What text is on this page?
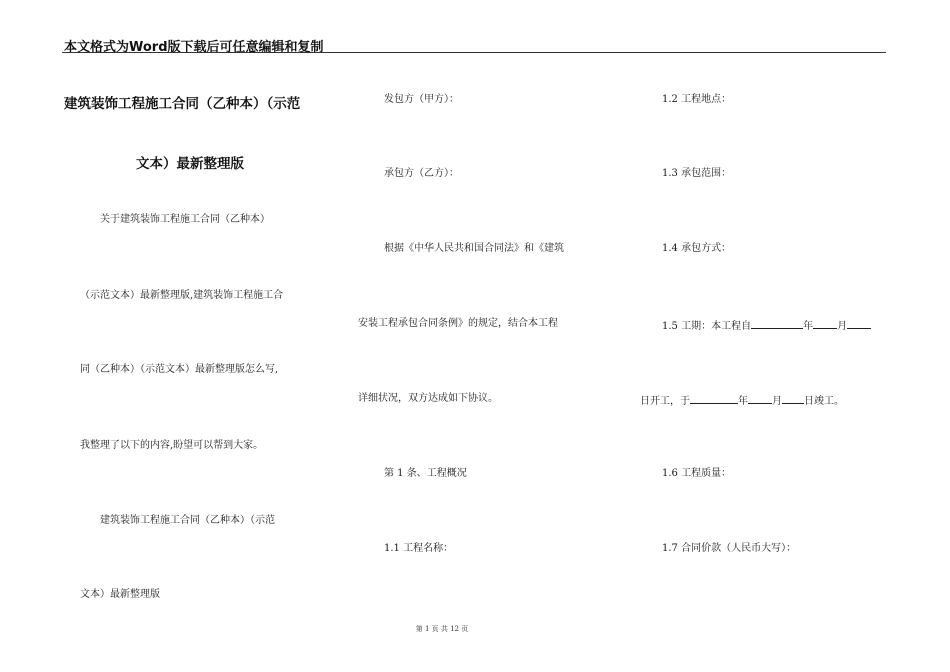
本文格式为Word版下载后可任意编辑和复制
建筑装饰工程施工合同（乙种本）（示范
文本）最新整理版
关于建筑装饰工程施工合同（乙种本）
（示范文本）最新整理版,建筑装饰工程施工合
同（乙种本）（示范文本）最新整理版怎么写,
我整理了以下的内容,盼望可以帮到大家。
建筑装饰工程施工合同（乙种本）（示范
文本）最新整理版
发包方（甲方）：
承包方（乙方）：
根据《中华人民共和国合同法》和《建筑
安装工程承包合同条例》的规定，结合本工程
详细状况，双方达成如下协议。
第 1 条、工程概况
1.1 工程名称：
1.2 工程地点：
1.3 承包范围：
1.4 承包方式：
1.5 工期：本工程自	年 月
日开工，于	年 月 日竣工。
1.6 工程质量：
1.7 合同价款（人民币大写）：
第 1 页 共 12 页
